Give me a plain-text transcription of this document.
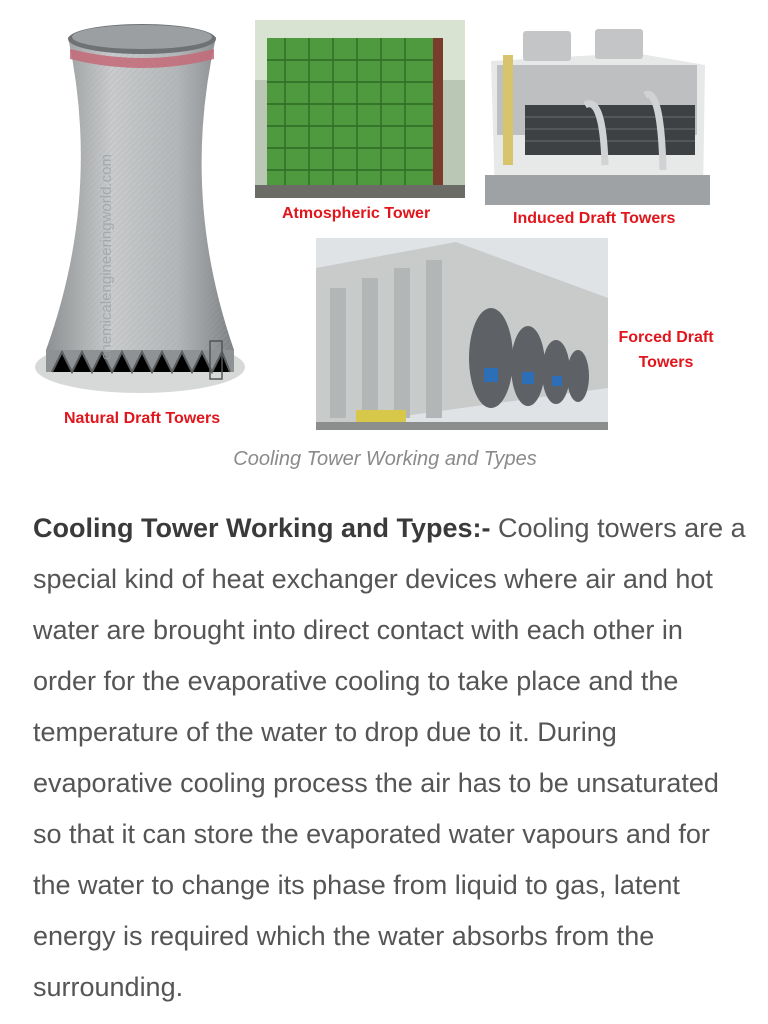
chemicalengineeringworld.com
Natural Draft Towers
Atmospheric Tower	Induced Draft Towers
Forced Draft
Towers
Cooling Tower Working and Types
Cooling Tower Working and Types:- Cooling towers are a special kind of heat exchanger devices where air and hot water are brought into direct contact with each other in order for the evaporative cooling to take place and the temperature of the water to drop due to it. During evaporative cooling process the air has to be unsaturated so that it can store the evaporated water vapours and for the water to change its phase from liquid to gas, latent energy is required which the water absorbs from the surrounding.
